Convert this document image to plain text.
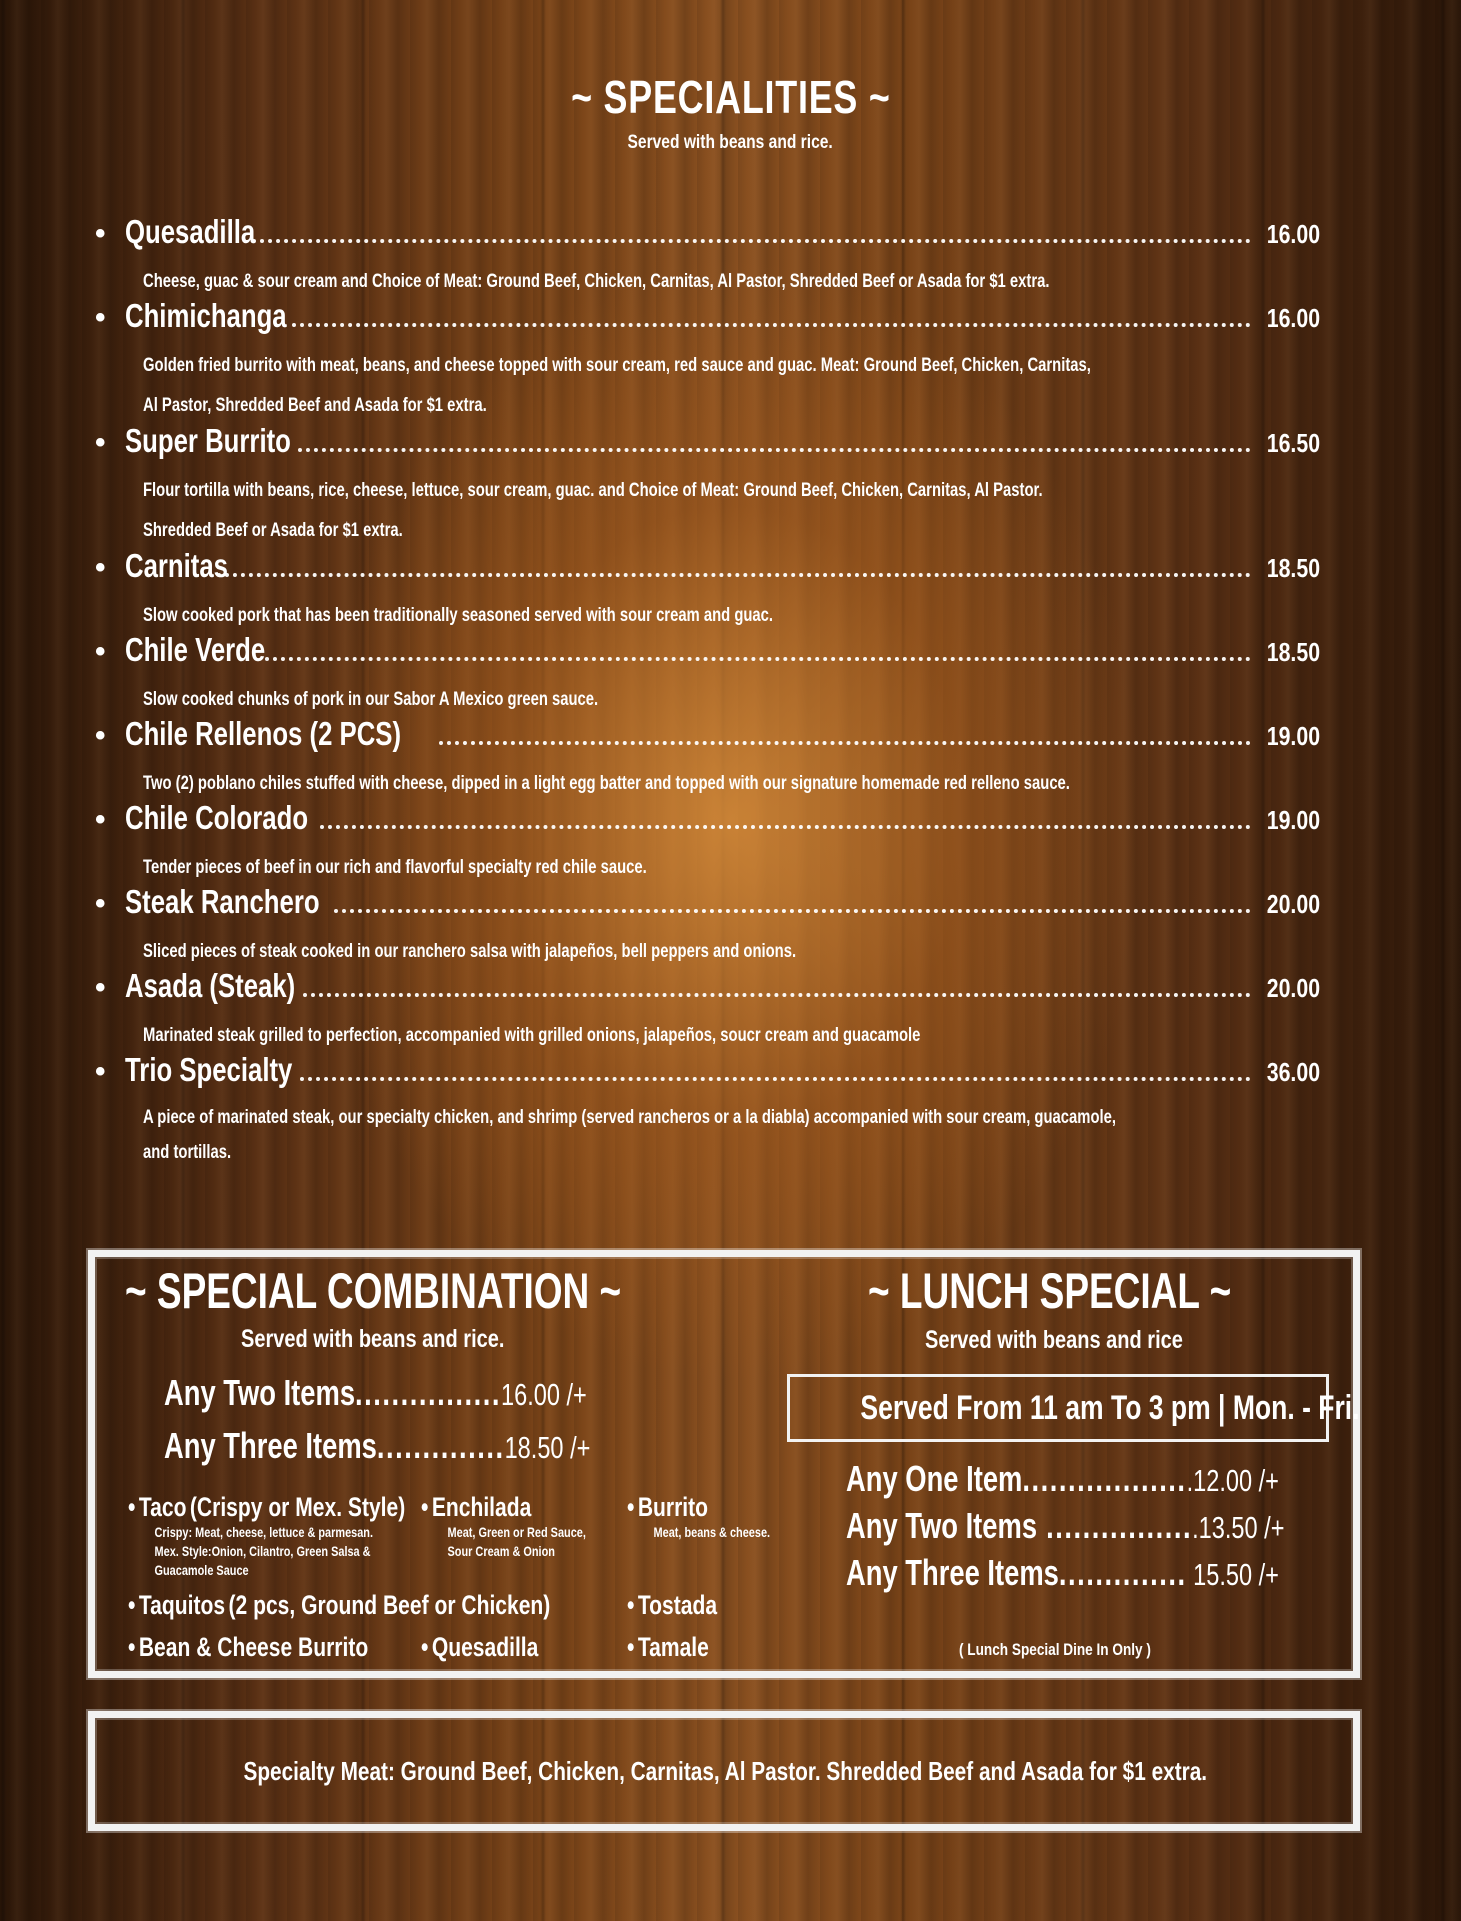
~ SPECIALITIES ~
Served with beans and rice.
• Quesadilla	16.00
Cheese, guac & sour cream and Choice of Meat: Ground Beef, Chicken, Carnitas, Al Pastor, Shredded Beef or Asada for $1 extra.
• Chimichanga	16.00
Golden fried burrito with meat, beans, and cheese topped with sour cream, red sauce and guac. Meat: Ground Beef, Chicken, Carnitas,
Al Pastor, Shredded Beef and Asada for $1 extra.
• Super Burrito	16.50
Flour tortilla with beans, rice, cheese, lettuce, sour cream, guac. and Choice of Meat: Ground Beef, Chicken, Carnitas, Al Pastor.
Shredded Beef or Asada for $1 extra.
• Carnitas	18.50
Slow cooked pork that has been traditionally seasoned served with sour cream and guac.
• Chile Verde	18.50
Slow cooked chunks of pork in our Sabor A Mexico green sauce.
• Chile Rellenos (2 PCS)	19.00
Two (2) poblano chiles stuffed with cheese, dipped in a light egg batter and topped with our signature homemade red relleno sauce.
• Chile Colorado	19.00
Tender pieces of beef in our rich and flavorful specialty red chile sauce.
• Steak Ranchero	20.00
Sliced pieces of steak cooked in our ranchero salsa with jalapeños, bell peppers and onions.
• Asada (Steak)	20.00
Marinated steak grilled to perfection, accompanied with grilled onions, jalapeños, soucr cream and guacamole
• Trio Specialty	36.00
A piece of marinated steak, our specialty chicken, and shrimp (served rancheros or a la diabla) accompanied with sour cream, guacamole,
and tortillas.
~ SPECIAL COMBINATION ~
Served with beans and rice.
Any Two Items................16.00 /+
Any Three Items..............18.50 /+
• Taco (Crispy or Mex. Style)
Crispy: Meat, cheese, lettuce & parmesan.
Mex. Style:Onion, Cilantro, Green Salsa &
Guacamole Sauce
• Enchilada
Meat, Green or Red Sauce,
Sour Cream & Onion
• Burrito
Meat, beans & cheese.
• Taquitos (2 pcs, Ground Beef or Chicken)	• Tostada
• Bean & Cheese Burrito • Quesadilla	• Tamale
~ LUNCH SPECIAL ~
Served with beans and rice
Served From 11 am To 3 pm | Mon. - Fri.
Any One Item...................12.00 /+
Any Two Items .................13.50 /+
Any Three Items.............. 15.50 /+
( Lunch Special Dine In Only )
Specialty Meat: Ground Beef, Chicken, Carnitas, Al Pastor. Shredded Beef and Asada for $1 extra.
